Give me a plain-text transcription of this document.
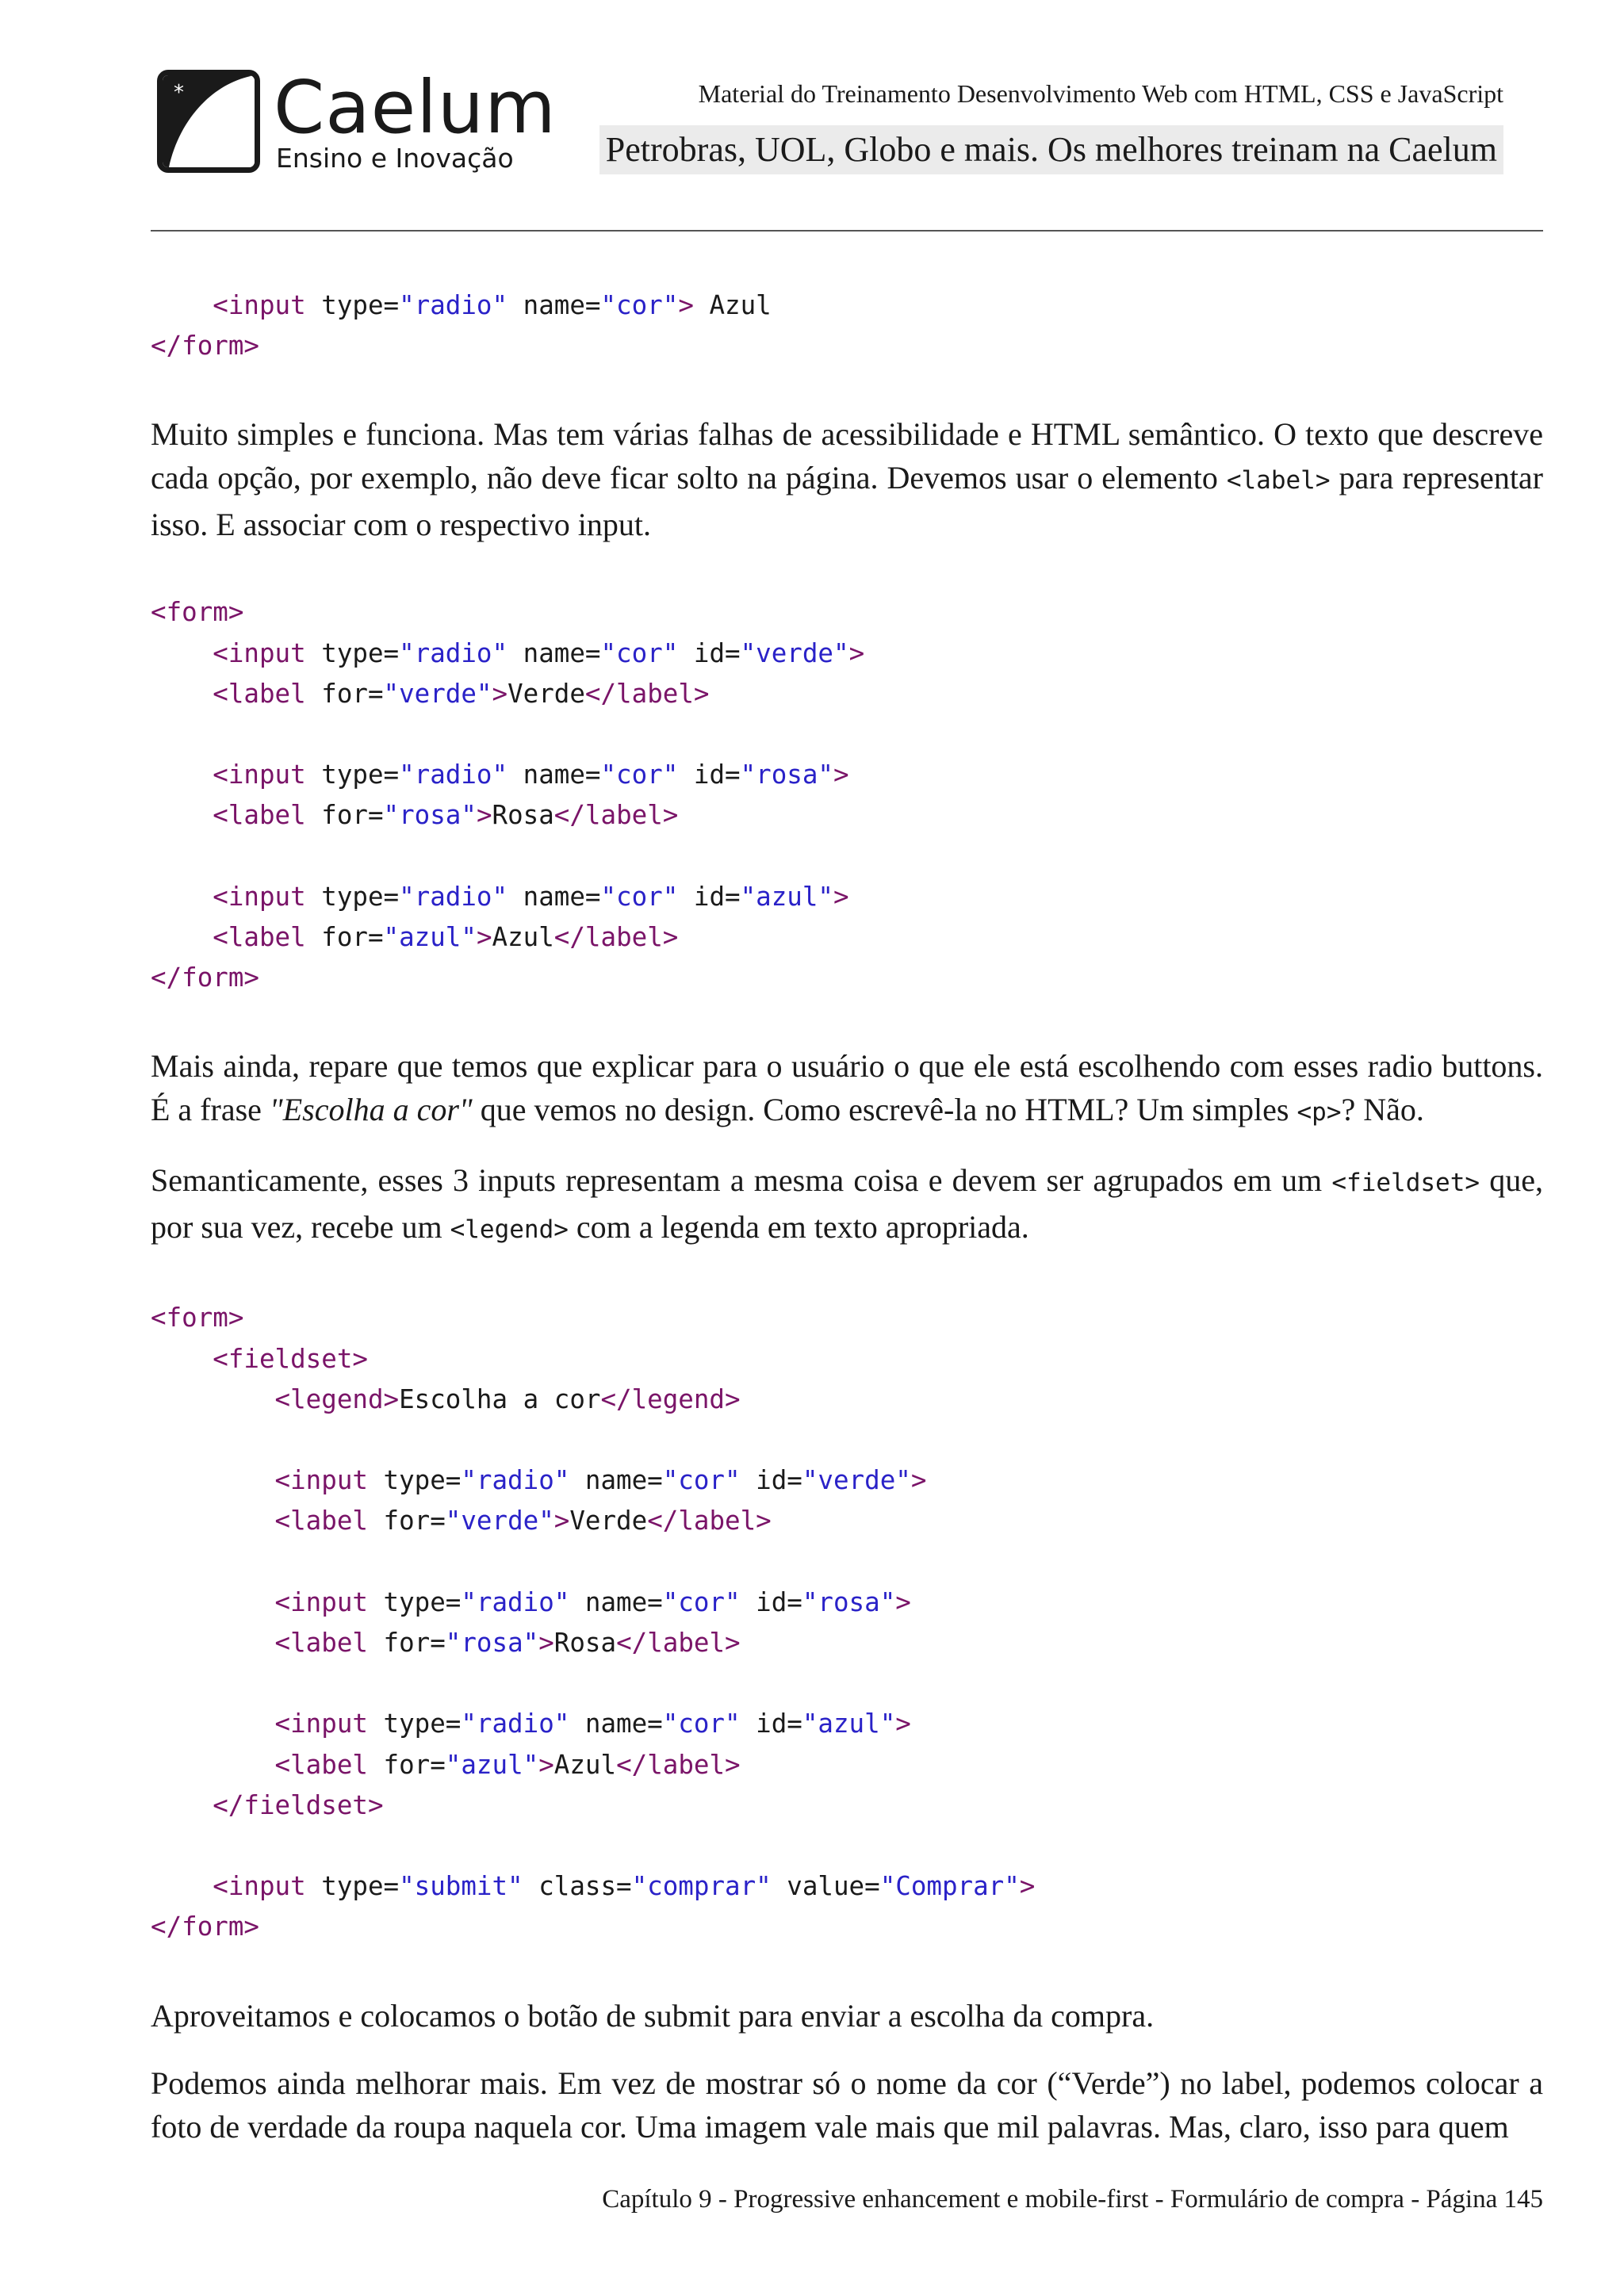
* Caelum
Ensino e Inovação
Material do Treinamento Desenvolvimento Web com HTML, CSS e JavaScript
Petrobras, UOL, Globo e mais. Os melhores treinam na Caelum
<input type="radio" name="cor"> Azul
</form>

Muito simples e funciona. Mas tem várias falhas de acessibilidade e HTML semântico. O texto que descreve cada opção, por exemplo, não deve ficar solto na página. Devemos usar o elemento <label> para representar isso. E associar com o respectivo input.

<form>
<input type="radio" name="cor" id="verde">
<label for="verde">Verde</label>

<input type="radio" name="cor" id="rosa">
<label for="rosa">Rosa</label>

<input type="radio" name="cor" id="azul">
<label for="azul">Azul</label>
</form>

Mais ainda, repare que temos que explicar para o usuário o que ele está escolhendo com esses radio buttons. É a frase "Escolha a cor" que vemos no design. Como escrevê-la no HTML? Um simples <p>? Não.

Semanticamente, esses 3 inputs representam a mesma coisa e devem ser agrupados em um <fieldset> que, por sua vez, recebe um <legend> com a legenda em texto apropriada.

<form>
<fieldset>
<legend>Escolha a cor</legend>

<input type="radio" name="cor" id="verde">
<label for="verde">Verde</label>

<input type="radio" name="cor" id="rosa">
<label for="rosa">Rosa</label>

<input type="radio" name="cor" id="azul">
<label for="azul">Azul</label>
</fieldset>

<input type="submit" class="comprar" value="Comprar">
</form>

Aproveitamos e colocamos o botão de submit para enviar a escolha da compra.

Podemos ainda melhorar mais. Em vez de mostrar só o nome da cor (“Verde”) no label, podemos colocar a foto de verdade da roupa naquela cor. Uma imagem vale mais que mil palavras. Mas, claro, isso para quem

Capítulo 9 - Progressive enhancement e mobile-first - Formulário de compra - Página 145
